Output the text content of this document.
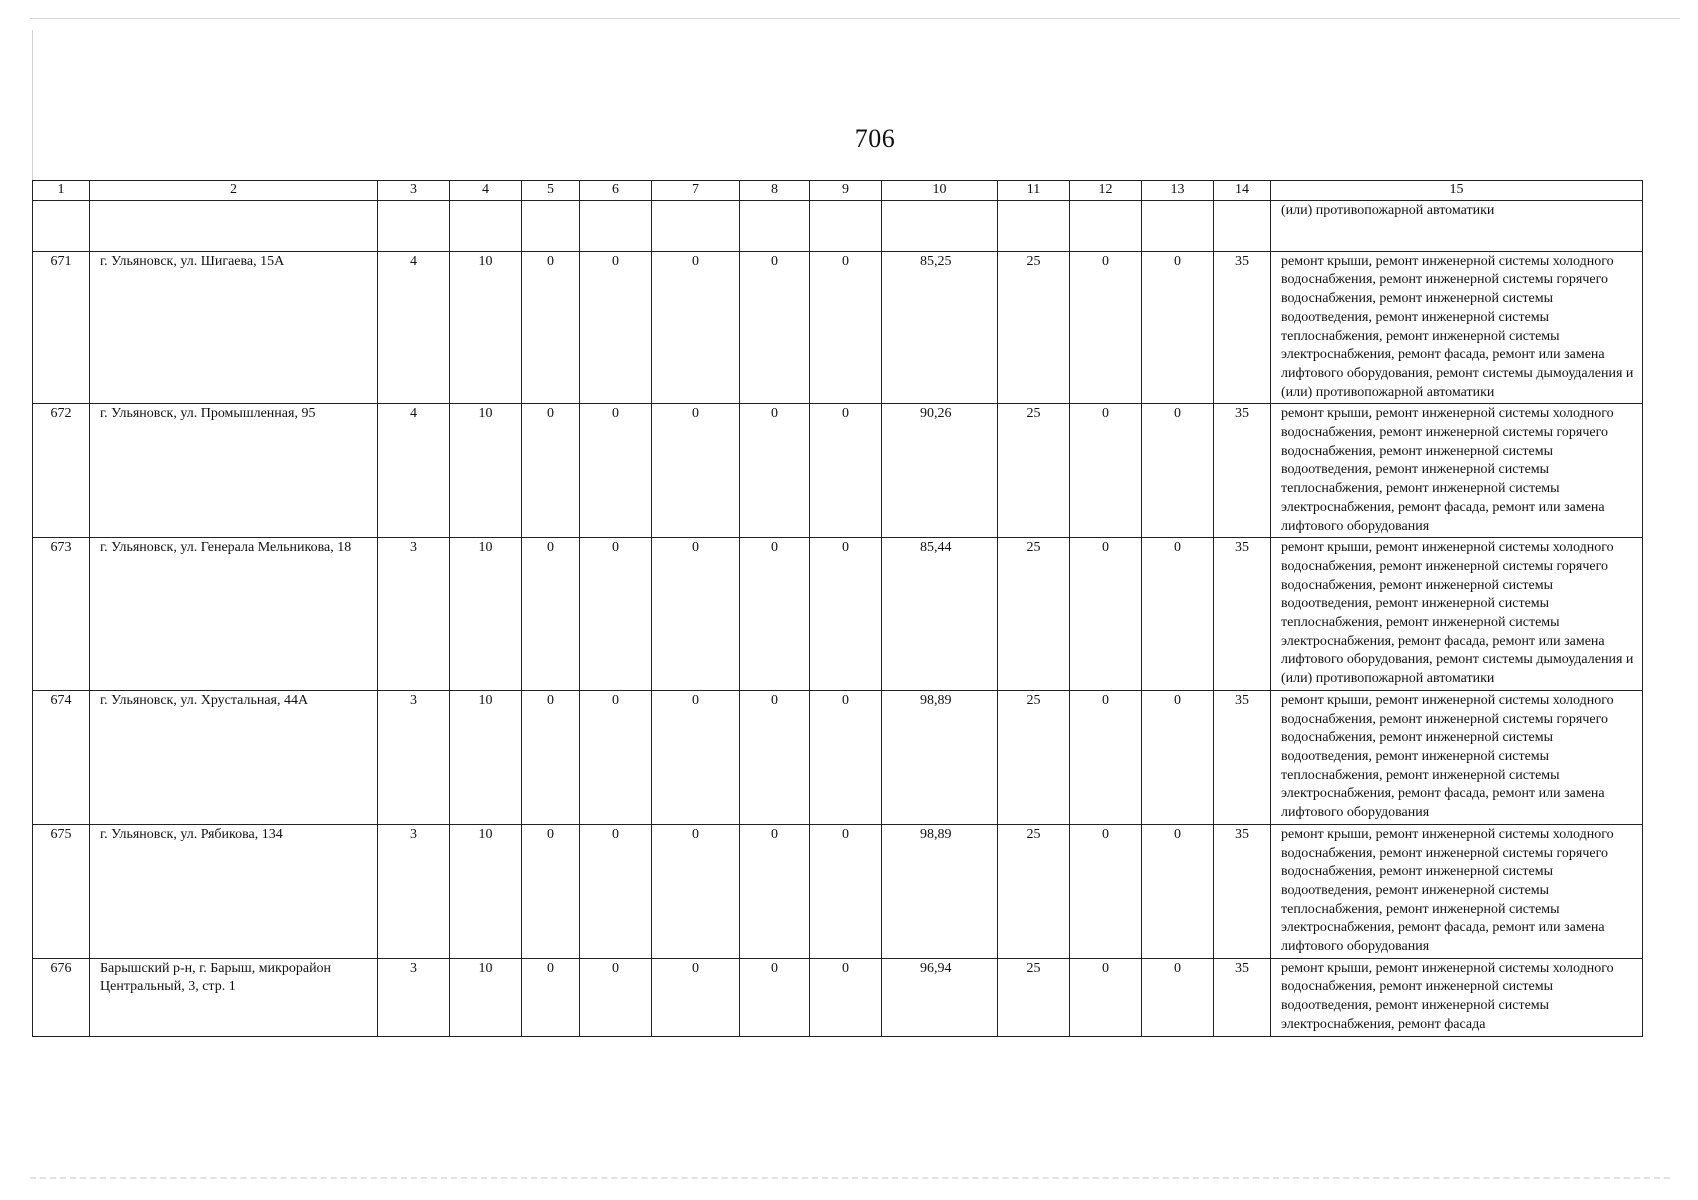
706
1	2	3	4	5	6	7	8	9	10	11	12	13	14	15
														(или) противопожарной автоматики
671	г. Ульяновск, ул. Шигаева, 15А	4	10	0	0	0	0	0	85,25	25	0	0	35	ремонт крыши, ремонт инженерной системы холодного водоснабжения, ремонт инженерной системы горячего водоснабжения, ремонт инженерной системы водоотведения, ремонт инженерной системы теплоснабжения, ремонт инженерной системы электроснабжения, ремонт фасада, ремонт или замена лифтового оборудования, ремонт системы дымоудаления и (или) противопожарной автоматики
672	г. Ульяновск, ул. Промышленная, 95	4	10	0	0	0	0	0	90,26	25	0	0	35	ремонт крыши, ремонт инженерной системы холодного водоснабжения, ремонт инженерной системы горячего водоснабжения, ремонт инженерной системы водоотведения, ремонт инженерной системы теплоснабжения, ремонт инженерной системы электроснабжения, ремонт фасада, ремонт или замена лифтового оборудования
673	г. Ульяновск, ул. Генерала Мельникова, 18	3	10	0	0	0	0	0	85,44	25	0	0	35	ремонт крыши, ремонт инженерной системы холодного водоснабжения, ремонт инженерной системы горячего водоснабжения, ремонт инженерной системы водоотведения, ремонт инженерной системы теплоснабжения, ремонт инженерной системы электроснабжения, ремонт фасада, ремонт или замена лифтового оборудования, ремонт системы дымоудаления и (или) противопожарной автоматики
674	г. Ульяновск, ул. Хрустальная, 44А	3	10	0	0	0	0	0	98,89	25	0	0	35	ремонт крыши, ремонт инженерной системы холодного водоснабжения, ремонт инженерной системы горячего водоснабжения, ремонт инженерной системы водоотведения, ремонт инженерной системы теплоснабжения, ремонт инженерной системы электроснабжения, ремонт фасада, ремонт или замена лифтового оборудования
675	г. Ульяновск, ул. Рябикова, 134	3	10	0	0	0	0	0	98,89	25	0	0	35	ремонт крыши, ремонт инженерной системы холодного водоснабжения, ремонт инженерной системы горячего водоснабжения, ремонт инженерной системы водоотведения, ремонт инженерной системы теплоснабжения, ремонт инженерной системы электроснабжения, ремонт фасада, ремонт или замена лифтового оборудования
676	Барышский р-н, г. Барыш, микрорайон Центральный, 3, стр. 1	3	10	0	0	0	0	0	96,94	25	0	0	35	ремонт крыши, ремонт инженерной системы холодного водоснабжения, ремонт инженерной системы водоотведения, ремонт инженерной системы электроснабжения, ремонт фасада
